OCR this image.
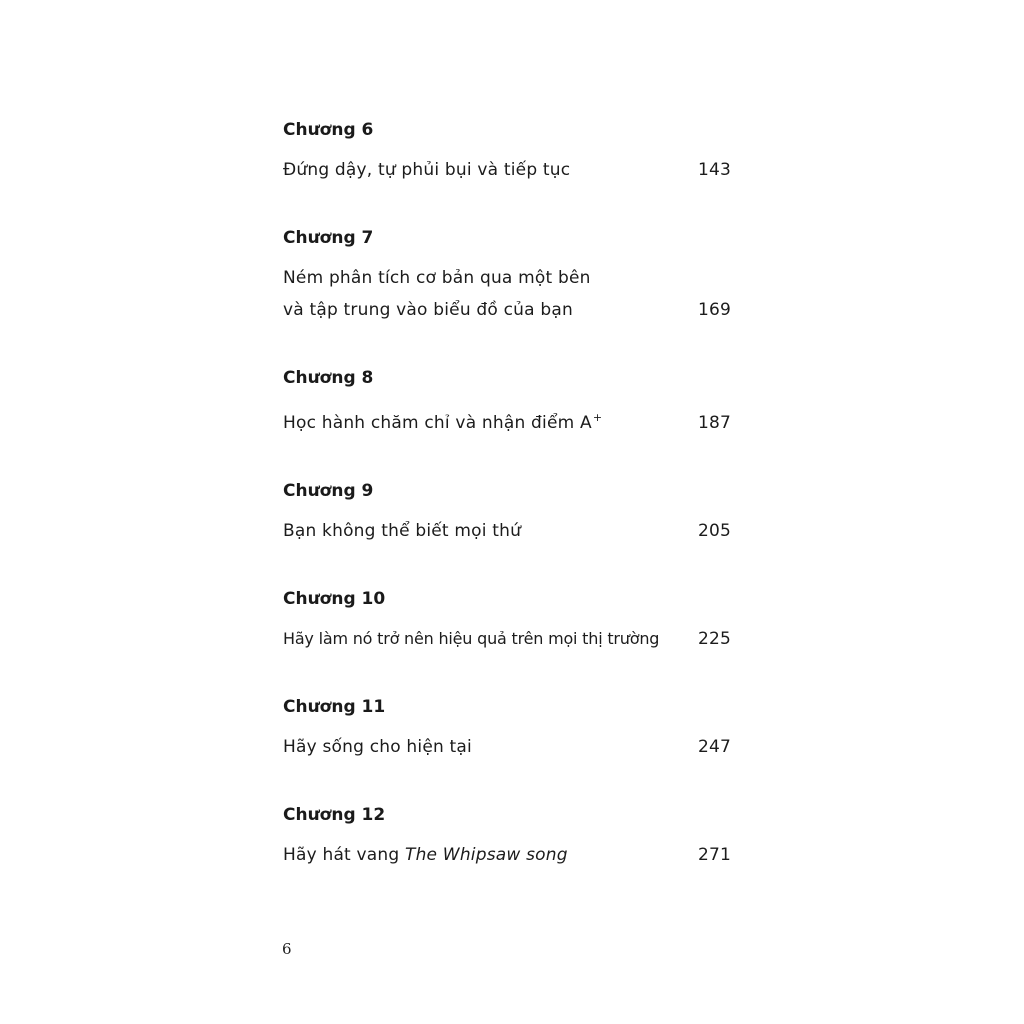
Chương 6
Đứng dậy, tự phủi bụi và tiếp tục	143
Chương 7
Ném phân tích cơ bản qua một bên
và tập trung vào biểu đồ của bạn	169
Chương 8
Học hành chăm chỉ và nhận điểm A+	187
Chương 9
Bạn không thể biết mọi thứ	205
Chương 10
Hãy làm nó trở nên hiệu quả trên mọi thị trường	225
Chương 11
Hãy sống cho hiện tại	247
Chương 12
Hãy hát vang The Whipsaw song	271
6
